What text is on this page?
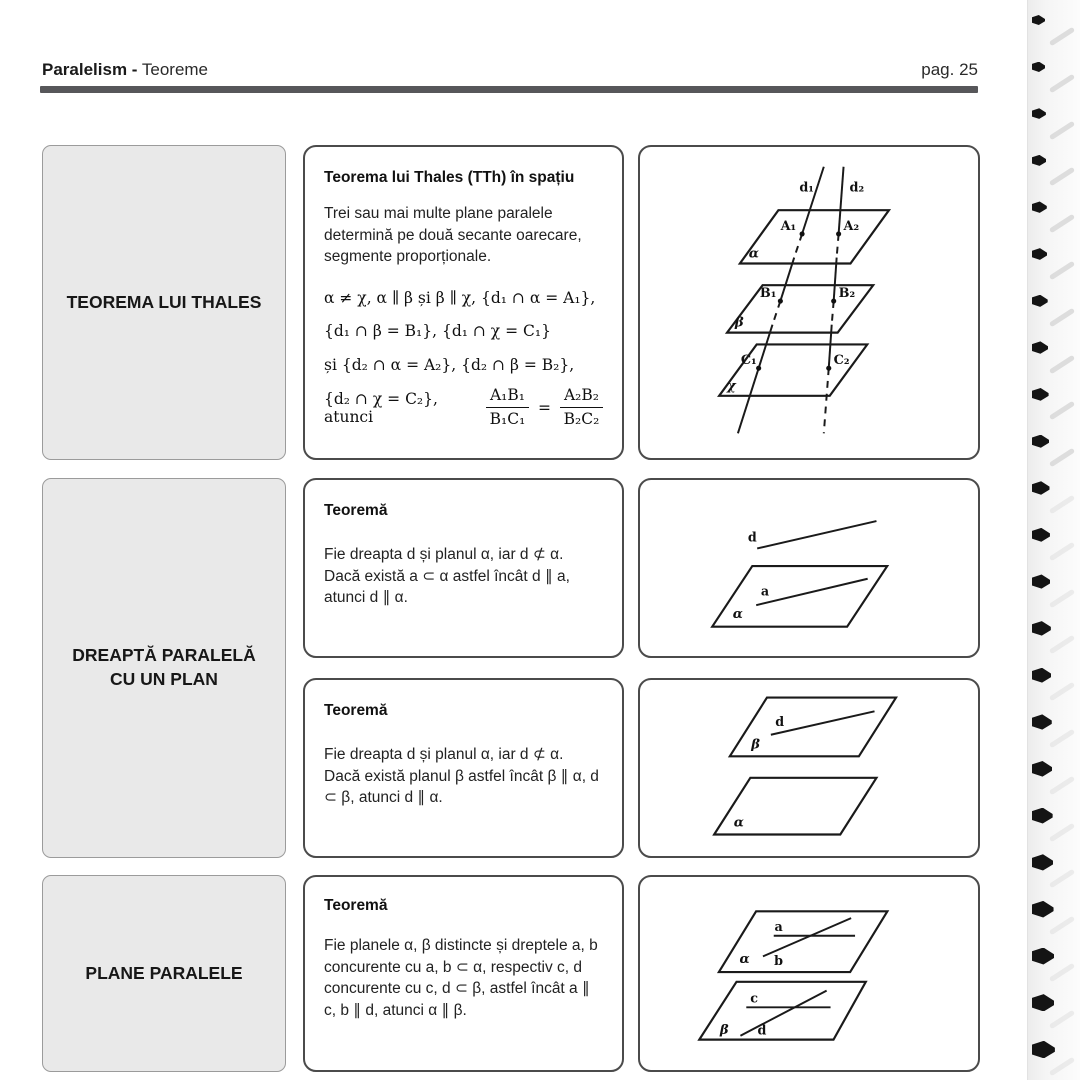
Paralelism - Teoreme	pag. 25
TEOREMA LUI THALES
Teorema lui Thales (TTh) în spațiu
Trei sau mai multe plane paralele determină pe două secante oarecare, segmente proporționale.
α ≠ χ, α ∥ β și β ∥ χ, {d₁ ∩ α = A₁},
{d₁ ∩ β = B₁}, {d₁ ∩ χ = C₁}
și {d₂ ∩ α = A₂}, {d₂ ∩ β = B₂},
{d₂ ∩ χ = C₂}, atunci	$\frac{\text{A₁B₁}}{\text{B₁C₁}} = \frac{\text{A₂B₂}}{\text{B₂C₂}}$
d₁	d₂
A₁	A₂
α
B₁	B₂
β
C₁	C₂
χ
DREAPTĂ PARALELĂ CU UN PLAN
Teoremă
Fie dreapta d și planul α, iar d ⊄ α. Dacă există a ⊂ α astfel încât d ∥ a, atunci d ∥ α.
d
a
α
Teoremă
Fie dreapta d și planul α, iar d ⊄ α. Dacă există planul β astfel încât β ∥ α, d ⊂ β, atunci d ∥ α.
d
β
α
PLANE PARALELE
Teoremă
Fie planele α, β distincte și dreptele a, b concurente cu a, b ⊂ α, respectiv c, d concurente cu c, d ⊂ β, astfel încât a ∥ c, b ∥ d, atunci α ∥ β.
a
b
α
c
d
β
